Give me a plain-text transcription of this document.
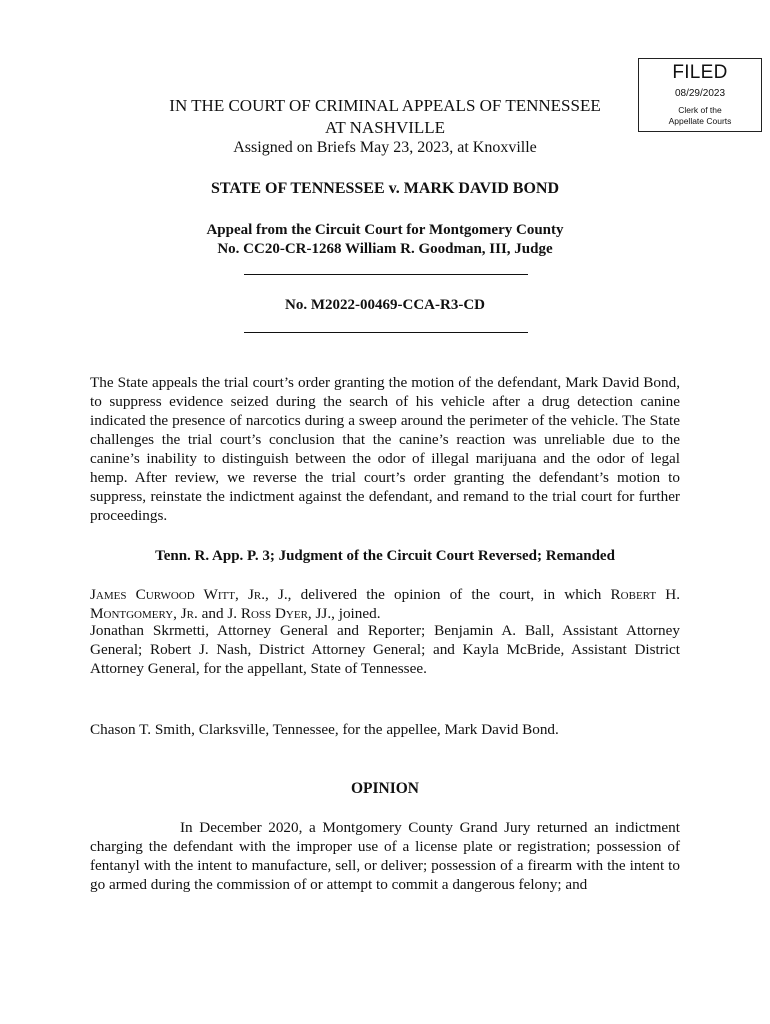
FILED
08/29/2023
Clerk of the
Appellate Courts
IN THE COURT OF CRIMINAL APPEALS OF TENNESSEE
AT NASHVILLE
Assigned on Briefs May 23, 2023, at Knoxville
STATE OF TENNESSEE v. MARK DAVID BOND
Appeal from the Circuit Court for Montgomery County
No. CC20-CR-1268 William R. Goodman, III, Judge
No. M2022-00469-CCA-R3-CD
The State appeals the trial court’s order granting the motion of the defendant, Mark David Bond, to suppress evidence seized during the search of his vehicle after a drug detection canine indicated the presence of narcotics during a sweep around the perimeter of the vehicle. The State challenges the trial court’s conclusion that the canine’s reaction was unreliable due to the canine’s inability to distinguish between the odor of illegal marijuana and the odor of legal hemp. After review, we reverse the trial court’s order granting the defendant’s motion to suppress, reinstate the indictment against the defendant, and remand to the trial court for further proceedings.
Tenn. R. App. P. 3; Judgment of the Circuit Court Reversed; Remanded
James Curwood Witt, Jr., J., delivered the opinion of the court, in which Robert H. Montgomery, Jr. and J. Ross Dyer, JJ., joined.
Jonathan Skrmetti, Attorney General and Reporter; Benjamin A. Ball, Assistant Attorney General; Robert J. Nash, District Attorney General; and Kayla McBride, Assistant District Attorney General, for the appellant, State of Tennessee.
Chason T. Smith, Clarksville, Tennessee, for the appellee, Mark David Bond.
OPINION
In December 2020, a Montgomery County Grand Jury returned an indictment charging the defendant with the improper use of a license plate or registration; possession of fentanyl with the intent to manufacture, sell, or deliver; possession of a firearm with the intent to go armed during the commission of or attempt to commit a dangerous felony; and
